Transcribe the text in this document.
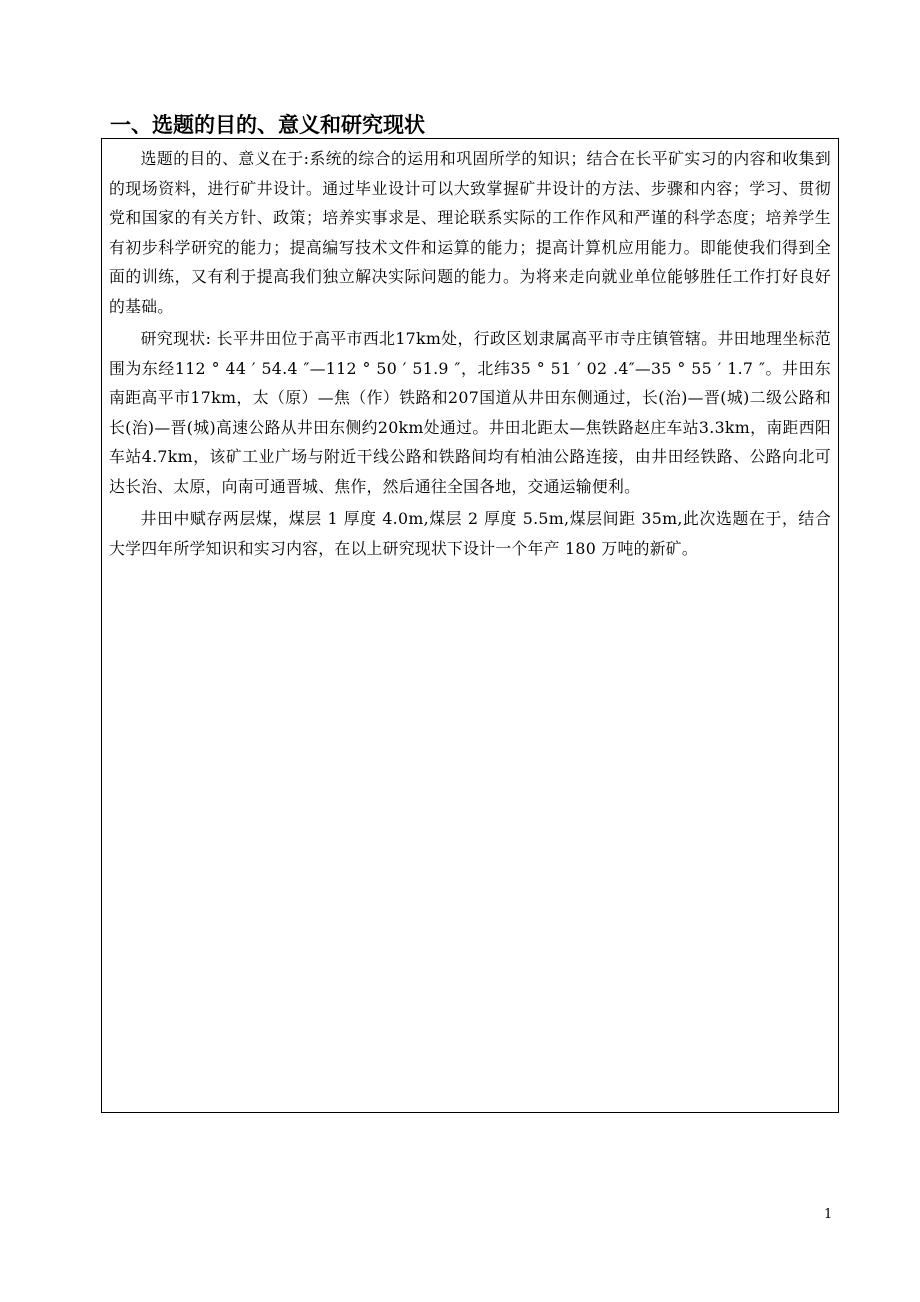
一、选题的目的、意义和研究现状

选题的目的、意义在于:系统的综合的运用和巩固所学的知识；结合在长平矿实习的内容和收集到的现场资料，进行矿井设计。通过毕业设计可以大致掌握矿井设计的方法、步骤和内容；学习、贯彻党和国家的有关方针、政策；培养实事求是、理论联系实际的工作作风和严谨的科学态度；培养学生有初步科学研究的能力；提高编写技术文件和运算的能力；提高计算机应用能力。即能使我们得到全面的训练，又有利于提高我们独立解决实际问题的能力。为将来走向就业单位能够胜任工作打好良好的基础。

研究现状: 长平井田位于高平市西北17km处，行政区划隶属高平市寺庄镇管辖。井田地理坐标范围为东经112 ° 44 ′ 54.4 ″—112 ° 50 ′ 51.9 ″，北纬35 ° 51 ′ 02 .4″—35 ° 55 ′ 1.7 ″。井田东南距高平市17km，太（原）—焦（作）铁路和207国道从井田东侧通过，长(治)—晋(城)二级公路和长(治)—晋(城)高速公路从井田东侧约20km处通过。井田北距太—焦铁路赵庄车站3.3km，南距西阳车站4.7km，该矿工业广场与附近干线公路和铁路间均有柏油公路连接，由井田经铁路、公路向北可达长治、太原，向南可通晋城、焦作，然后通往全国各地，交通运输便利。

井田中赋存两层煤，煤层 1 厚度 4.0m,煤层 2 厚度 5.5m,煤层间距 35m,此次选题在于，结合大学四年所学知识和实习内容，在以上研究现状下设计一个年产 180 万吨的新矿。

1
